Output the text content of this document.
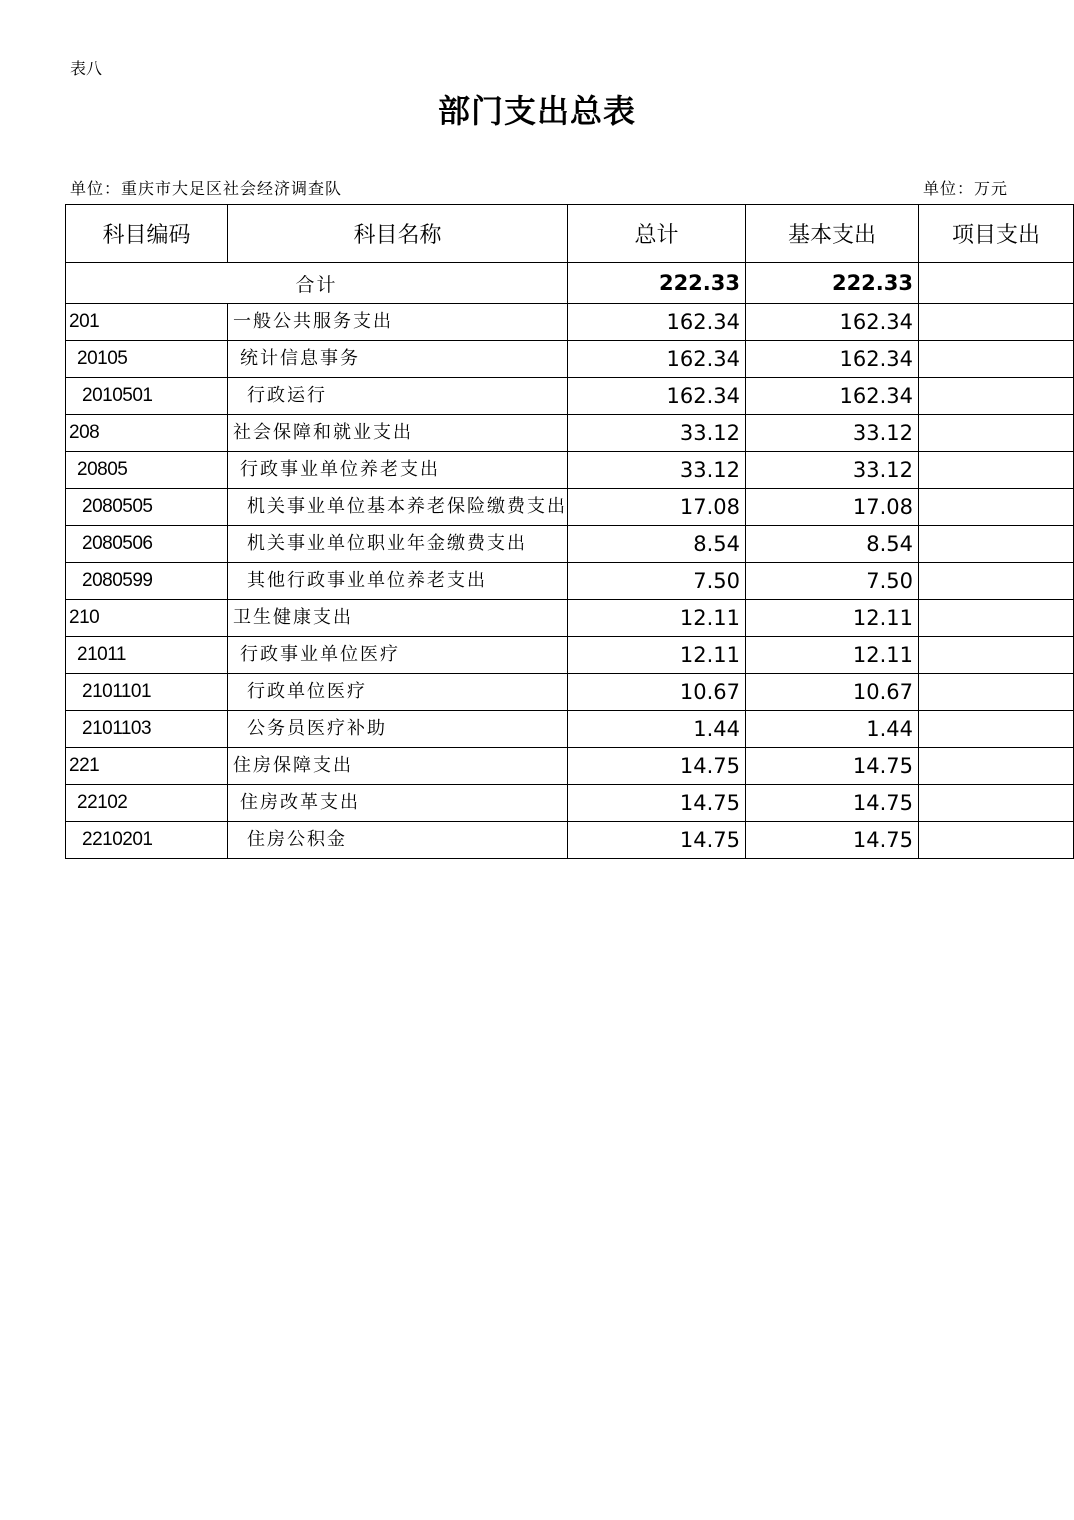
表八
部门支出总表
单位：重庆市大足区社会经济调查队	单位：万元
科目编码	科目名称	总计	基本支出	项目支出
合计		222.33	222.33	

201	一般公共服务支出	162.34	162.34	

20105	统计信息事务	162.34	162.34	

2010501	行政运行	162.34	162.34	

208	社会保障和就业支出	33.12	33.12	

20805	行政事业单位养老支出	33.12	33.12	

2080505	机关事业单位基本养老保险缴费支出	17.08	17.08	

2080506	机关事业单位职业年金缴费支出	8.54	8.54	

2080599	其他行政事业单位养老支出	7.50	7.50	

210	卫生健康支出	12.11	12.11	

21011	行政事业单位医疗	12.11	12.11	

2101101	行政单位医疗	10.67	10.67	

2101103	公务员医疗补助	1.44	1.44	

221	住房保障支出	14.75	14.75	

22102	住房改革支出	14.75	14.75	

2210201	住房公积金	14.75	14.75	
